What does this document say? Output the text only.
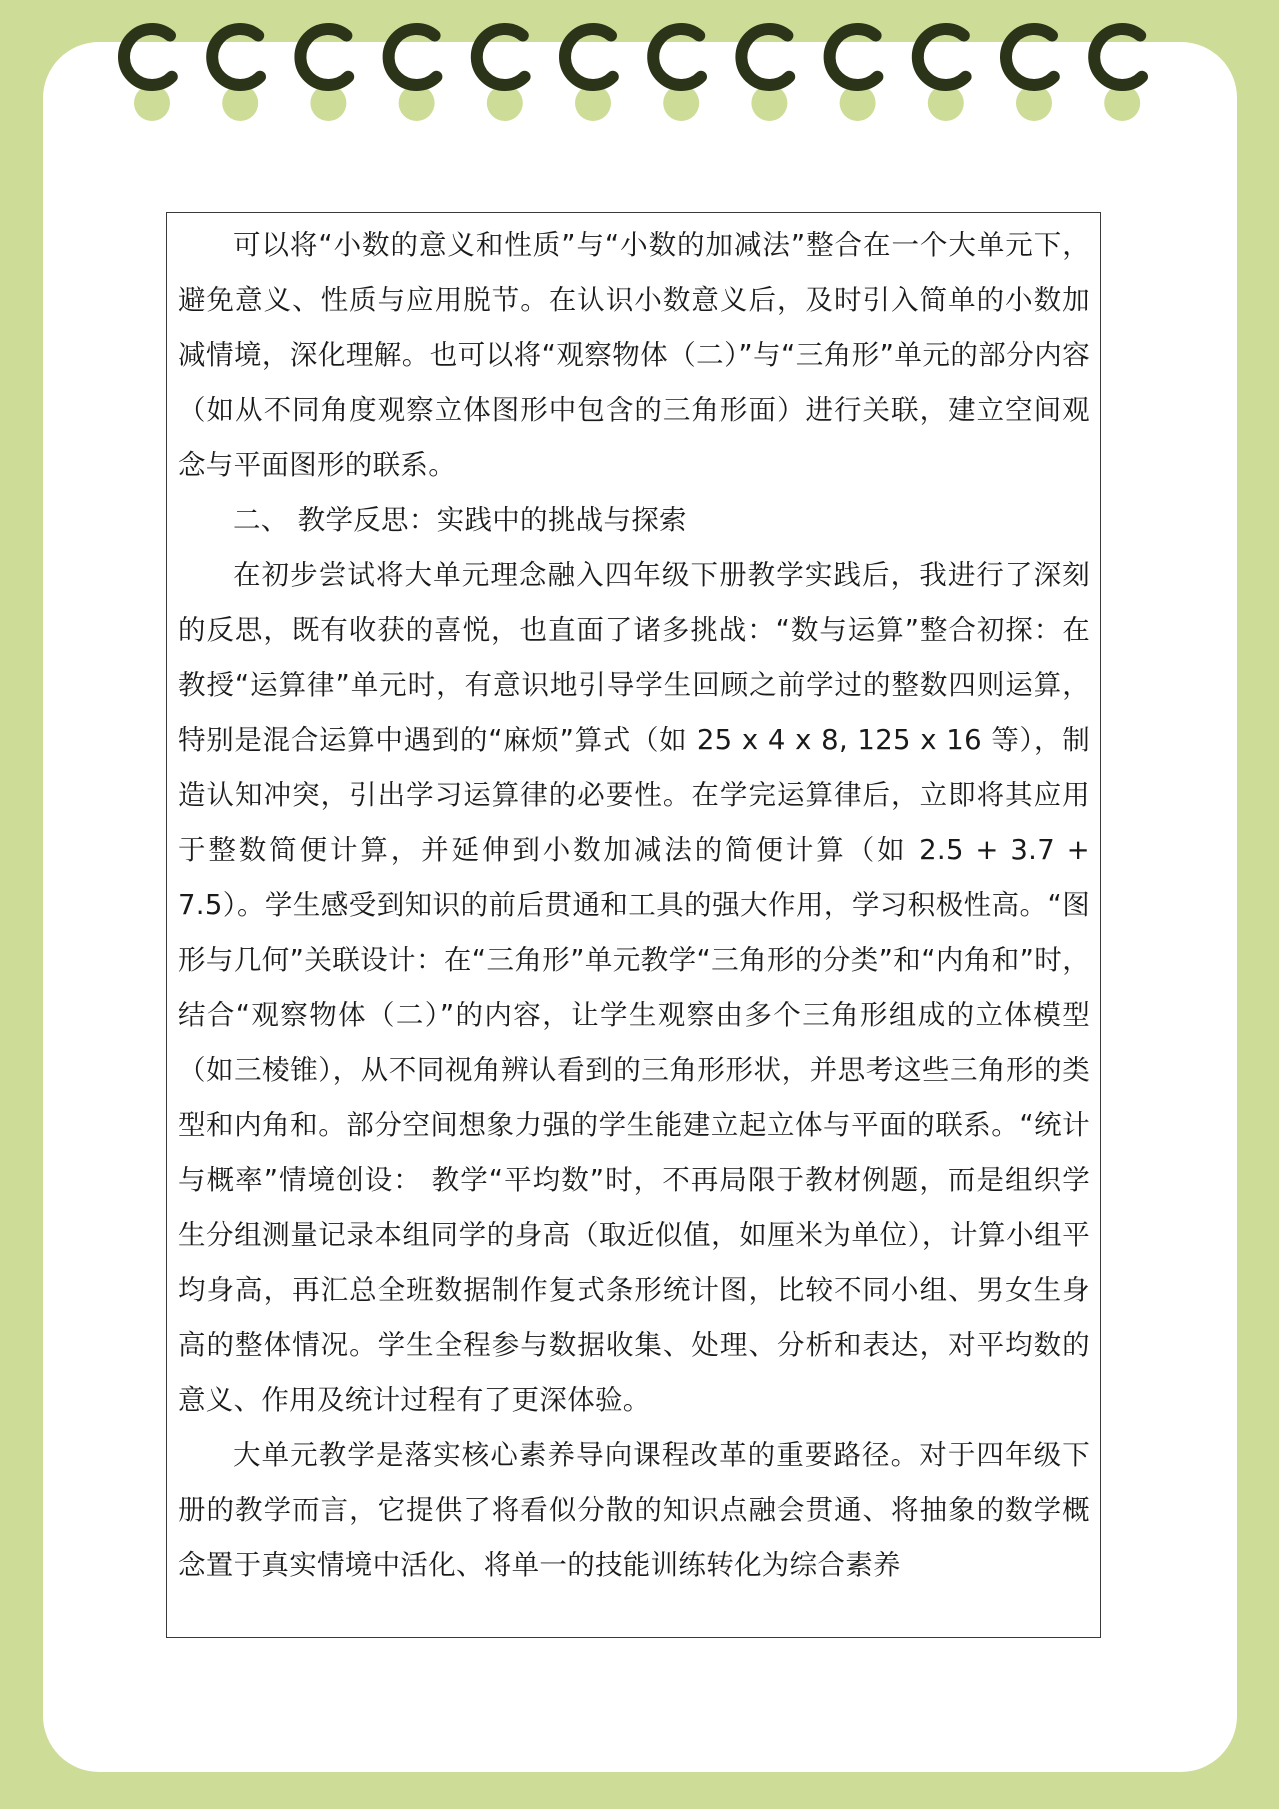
可以将“小数的意义和性质”与“小数的加减法”整合在一个大单元下，避免意义、性质与应用脱节。在认识小数意义后，及时引入简单的小数加减情境，深化理解。也可以将“观察物体（二）”与“三角形”单元的部分内容（如从不同角度观察立体图形中包含的三角形面）进行关联，建立空间观念与平面图形的联系。

二、 教学反思：实践中的挑战与探索

在初步尝试将大单元理念融入四年级下册教学实践后，我进行了深刻的反思，既有收获的喜悦，也直面了诸多挑战：“数与运算”整合初探：在教授“运算律”单元时，有意识地引导学生回顾之前学过的整数四则运算，特别是混合运算中遇到的“麻烦”算式（如 25 x 4 x 8, 125 x 16 等），制造认知冲突，引出学习运算律的必要性。在学完运算律后，立即将其应用于整数简便计算，并延伸到小数加减法的简便计算（如 2.5 + 3.7 + 7.5）。学生感受到知识的前后贯通和工具的强大作用，学习积极性高。“图形与几何”关联设计：在“三角形”单元教学“三角形的分类”和“内角和”时，结合“观察物体（二）”的内容，让学生观察由多个三角形组成的立体模型（如三棱锥），从不同视角辨认看到的三角形形状，并思考这些三角形的类型和内角和。部分空间想象力强的学生能建立起立体与平面的联系。“统计与概率”情境创设： 教学“平均数”时，不再局限于教材例题，而是组织学生分组测量记录本组同学的身高（取近似值，如厘米为单位），计算小组平均身高，再汇总全班数据制作复式条形统计图，比较不同小组、男女生身高的整体情况。学生全程参与数据收集、处理、分析和表达，对平均数的意义、作用及统计过程有了更深体验。

大单元教学是落实核心素养导向课程改革的重要路径。对于四年级下册的教学而言，它提供了将看似分散的知识点融会贯通、将抽象的数学概念置于真实情境中活化、将单一的技能训练转化为综合素养
